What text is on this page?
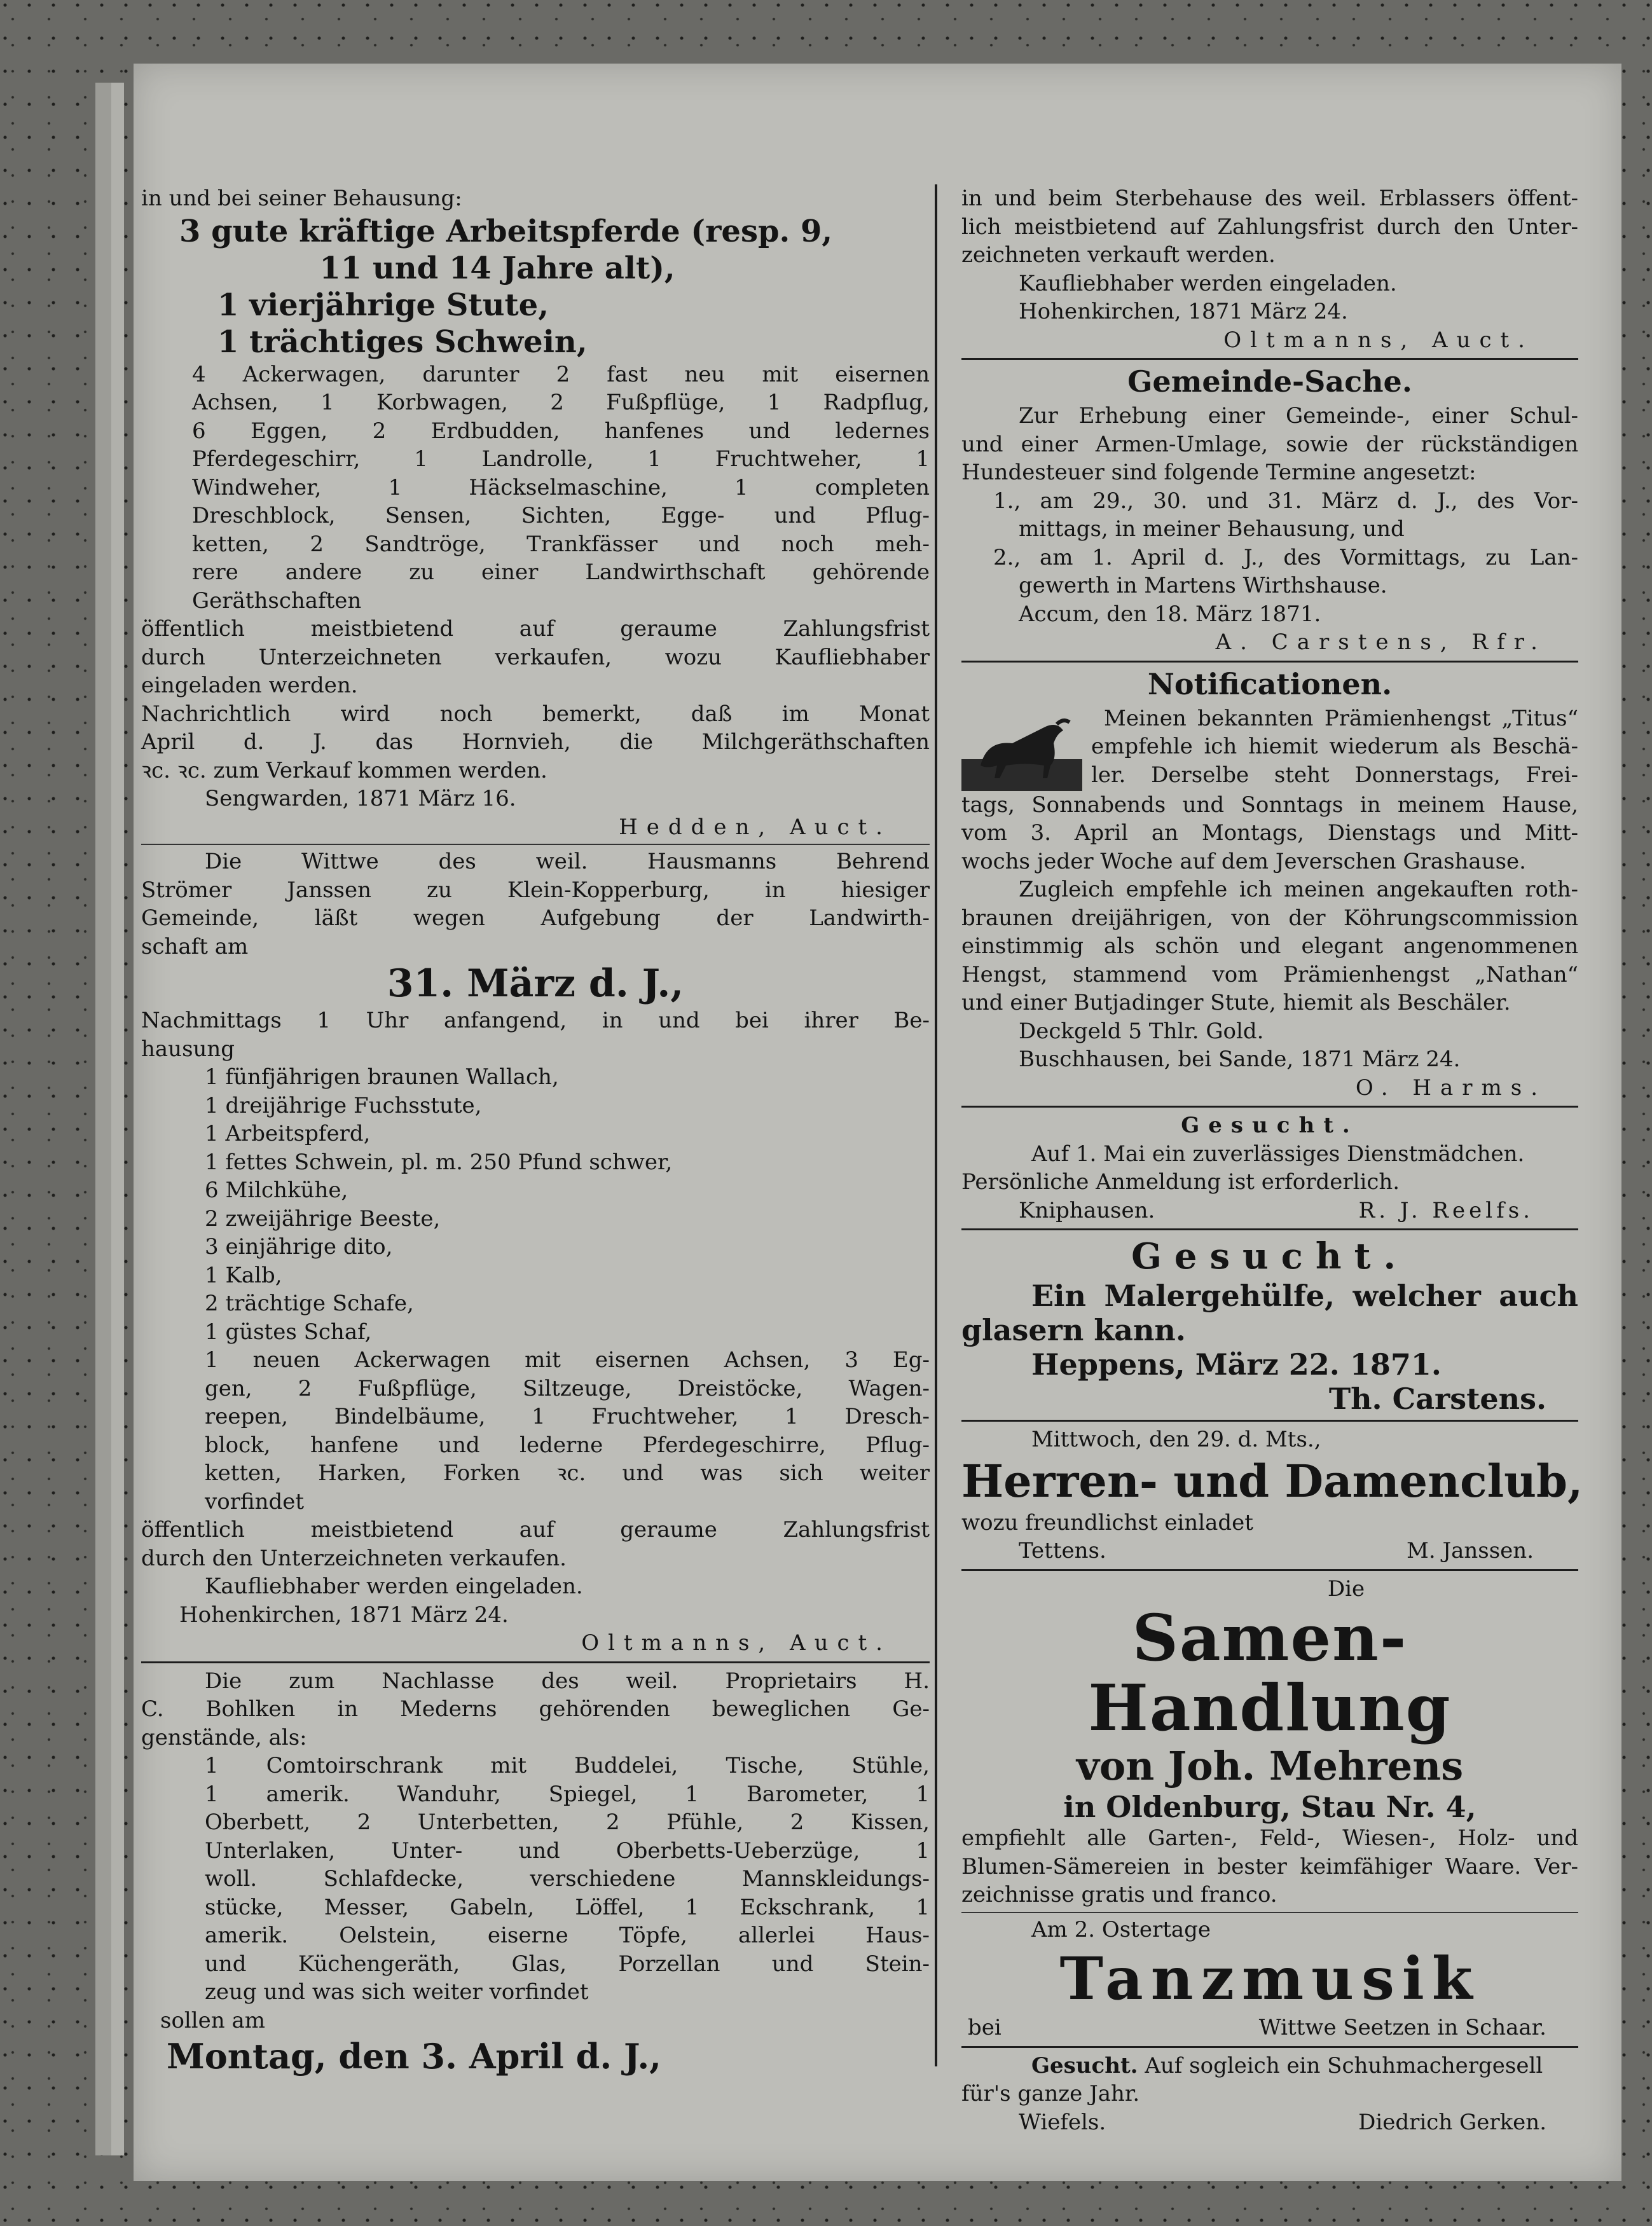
in und bei seiner Behausung:

3 gute kräftige Arbeitspferde (resp. 9,

11 und 14 Jahre alt),

1 vierjährige Stute,

1 trächtiges Schwein,

4 Ackerwagen, darunter 2 fast neu mit eisernen

Achsen, 1 Korbwagen, 2 Fußpflüge, 1 Radpflug,

6 Eggen, 2 Erdbudden, hanfenes und ledernes

Pferdegeschirr, 1 Landrolle, 1 Fruchtweher, 1

Windweher, 1 Häckselmaschine, 1 completen

Dreschblock, Sensen, Sichten, Egge- und Pflug-

ketten, 2 Sandtröge, Trankfässer und noch meh-

rere andere zu einer Landwirthschaft gehörende

Geräthschaften

öffentlich meistbietend auf geraume Zahlungsfrist

durch Unterzeichneten verkaufen, wozu Kaufliebhaber

eingeladen werden.

Nachrichtlich wird noch bemerkt, daß im Monat

April d. J. das Hornvieh, die Milchgeräthschaften

ꝛc. ꝛc. zum Verkauf kommen werden.

Sengwarden, 1871 März 16.

Hedden, Auct.

Die Wittwe des weil. Hausmanns Behrend

Strömer Janssen zu Klein-Kopperburg, in hiesiger

Gemeinde, läßt wegen Aufgebung der Landwirth-

schaft am

31. März d. J.,

Nachmittags 1 Uhr anfangend, in und bei ihrer Be-

hausung

1 fünfjährigen braunen Wallach,

1 dreijährige Fuchsstute,

1 Arbeitspferd,

1 fettes Schwein, pl. m. 250 Pfund schwer,

6 Milchkühe,

2 zweijährige Beeste,

3 einjährige dito,

1 Kalb,

2 trächtige Schafe,

1 güstes Schaf,

1 neuen Ackerwagen mit eisernen Achsen, 3 Eg-

gen, 2 Fußpflüge, Siltzeuge, Dreistöcke, Wagen-

reepen, Bindelbäume, 1 Fruchtweher, 1 Dresch-

block, hanfene und lederne Pferdegeschirre, Pflug-

ketten, Harken, Forken ꝛc. und was sich weiter

vorfindet

öffentlich meistbietend auf geraume Zahlungsfrist

durch den Unterzeichneten verkaufen.

Kaufliebhaber werden eingeladen.

Hohenkirchen, 1871 März 24.

Oltmanns, Auct.

Die zum Nachlasse des weil. Proprietairs H.

C. Bohlken in Mederns gehörenden beweglichen Ge-

genstände, als:

1 Comtoirschrank mit Buddelei, Tische, Stühle,

1 amerik. Wanduhr, Spiegel, 1 Barometer, 1

Oberbett, 2 Unterbetten, 2 Pfühle, 2 Kissen,

Unterlaken, Unter- und Oberbetts-Ueberzüge, 1

woll. Schlafdecke, verschiedene Mannskleidungs-

stücke, Messer, Gabeln, Löffel, 1 Eckschrank, 1

amerik. Oelstein, eiserne Töpfe, allerlei Haus-

und Küchengeräth, Glas, Porzellan und Stein-

zeug und was sich weiter vorfindet

sollen am

Montag, den 3. April d. J.,

in und beim Sterbehause des weil. Erblassers öffent-

lich meistbietend auf Zahlungsfrist durch den Unter-

zeichneten verkauft werden.

Kaufliebhaber werden eingeladen.

Hohenkirchen, 1871 März 24.

Oltmanns, Auct.

Gemeinde-Sache.

Zur Erhebung einer Gemeinde-, einer Schul-

und einer Armen-Umlage, sowie der rückständigen

Hundesteuer sind folgende Termine angesetzt:

1., am 29., 30. und 31. März d. J., des Vor-

mittags, in meiner Behausung, und

2., am 1. April d. J., des Vormittags, zu Lan-

gewerth in Martens Wirthshause.

Accum, den 18. März 1871.

A. Carstens, Rfr.

Notificationen.

Meinen bekannten Prämienhengst „Titus“

empfehle ich hiemit wiederum als Beschä-

ler. Derselbe steht Donnerstags, Frei-

tags, Sonnabends und Sonntags in meinem Hause,

vom 3. April an Montags, Dienstags und Mitt-

wochs jeder Woche auf dem Jeverschen Grashause.

Zugleich empfehle ich meinen angekauften roth-

braunen dreijährigen, von der Köhrungscommission

einstimmig als schön und elegant angenommenen

Hengst, stammend vom Prämienhengst „Nathan“

und einer Butjadinger Stute, hiemit als Beschäler.

Deckgeld 5 Thlr. Gold.

Buschhausen, bei Sande, 1871 März 24.

O. Harms.

Gesucht.

Auf 1. Mai ein zuverlässiges Dienstmädchen.

Persönliche Anmeldung ist erforderlich.

Kniphausen.	R. J. Reelfs.

Gesucht.

Ein Malergehülfe, welcher auch

glasern kann.

Heppens, März 22. 1871.

Th. Carstens.

Mittwoch, den 29. d. Mts.,

Herren- und Damenclub,

wozu freundlichst einladet

Tettens.	M. Janssen.

Die

Samen-Handlung

von Joh. Mehrens

in Oldenburg, Stau Nr. 4,

empfiehlt alle Garten-, Feld-, Wiesen-, Holz- und

Blumen-Sämereien in bester keimfähiger Waare. Ver-

zeichnisse gratis und franco.

Am 2. Ostertage

Tanzmusik

bei	Wittwe Seetzen in Schaar.

Gesucht. Auf sogleich ein Schuhmachergesell

für's ganze Jahr.

Wiefels.	Diedrich Gerken.
